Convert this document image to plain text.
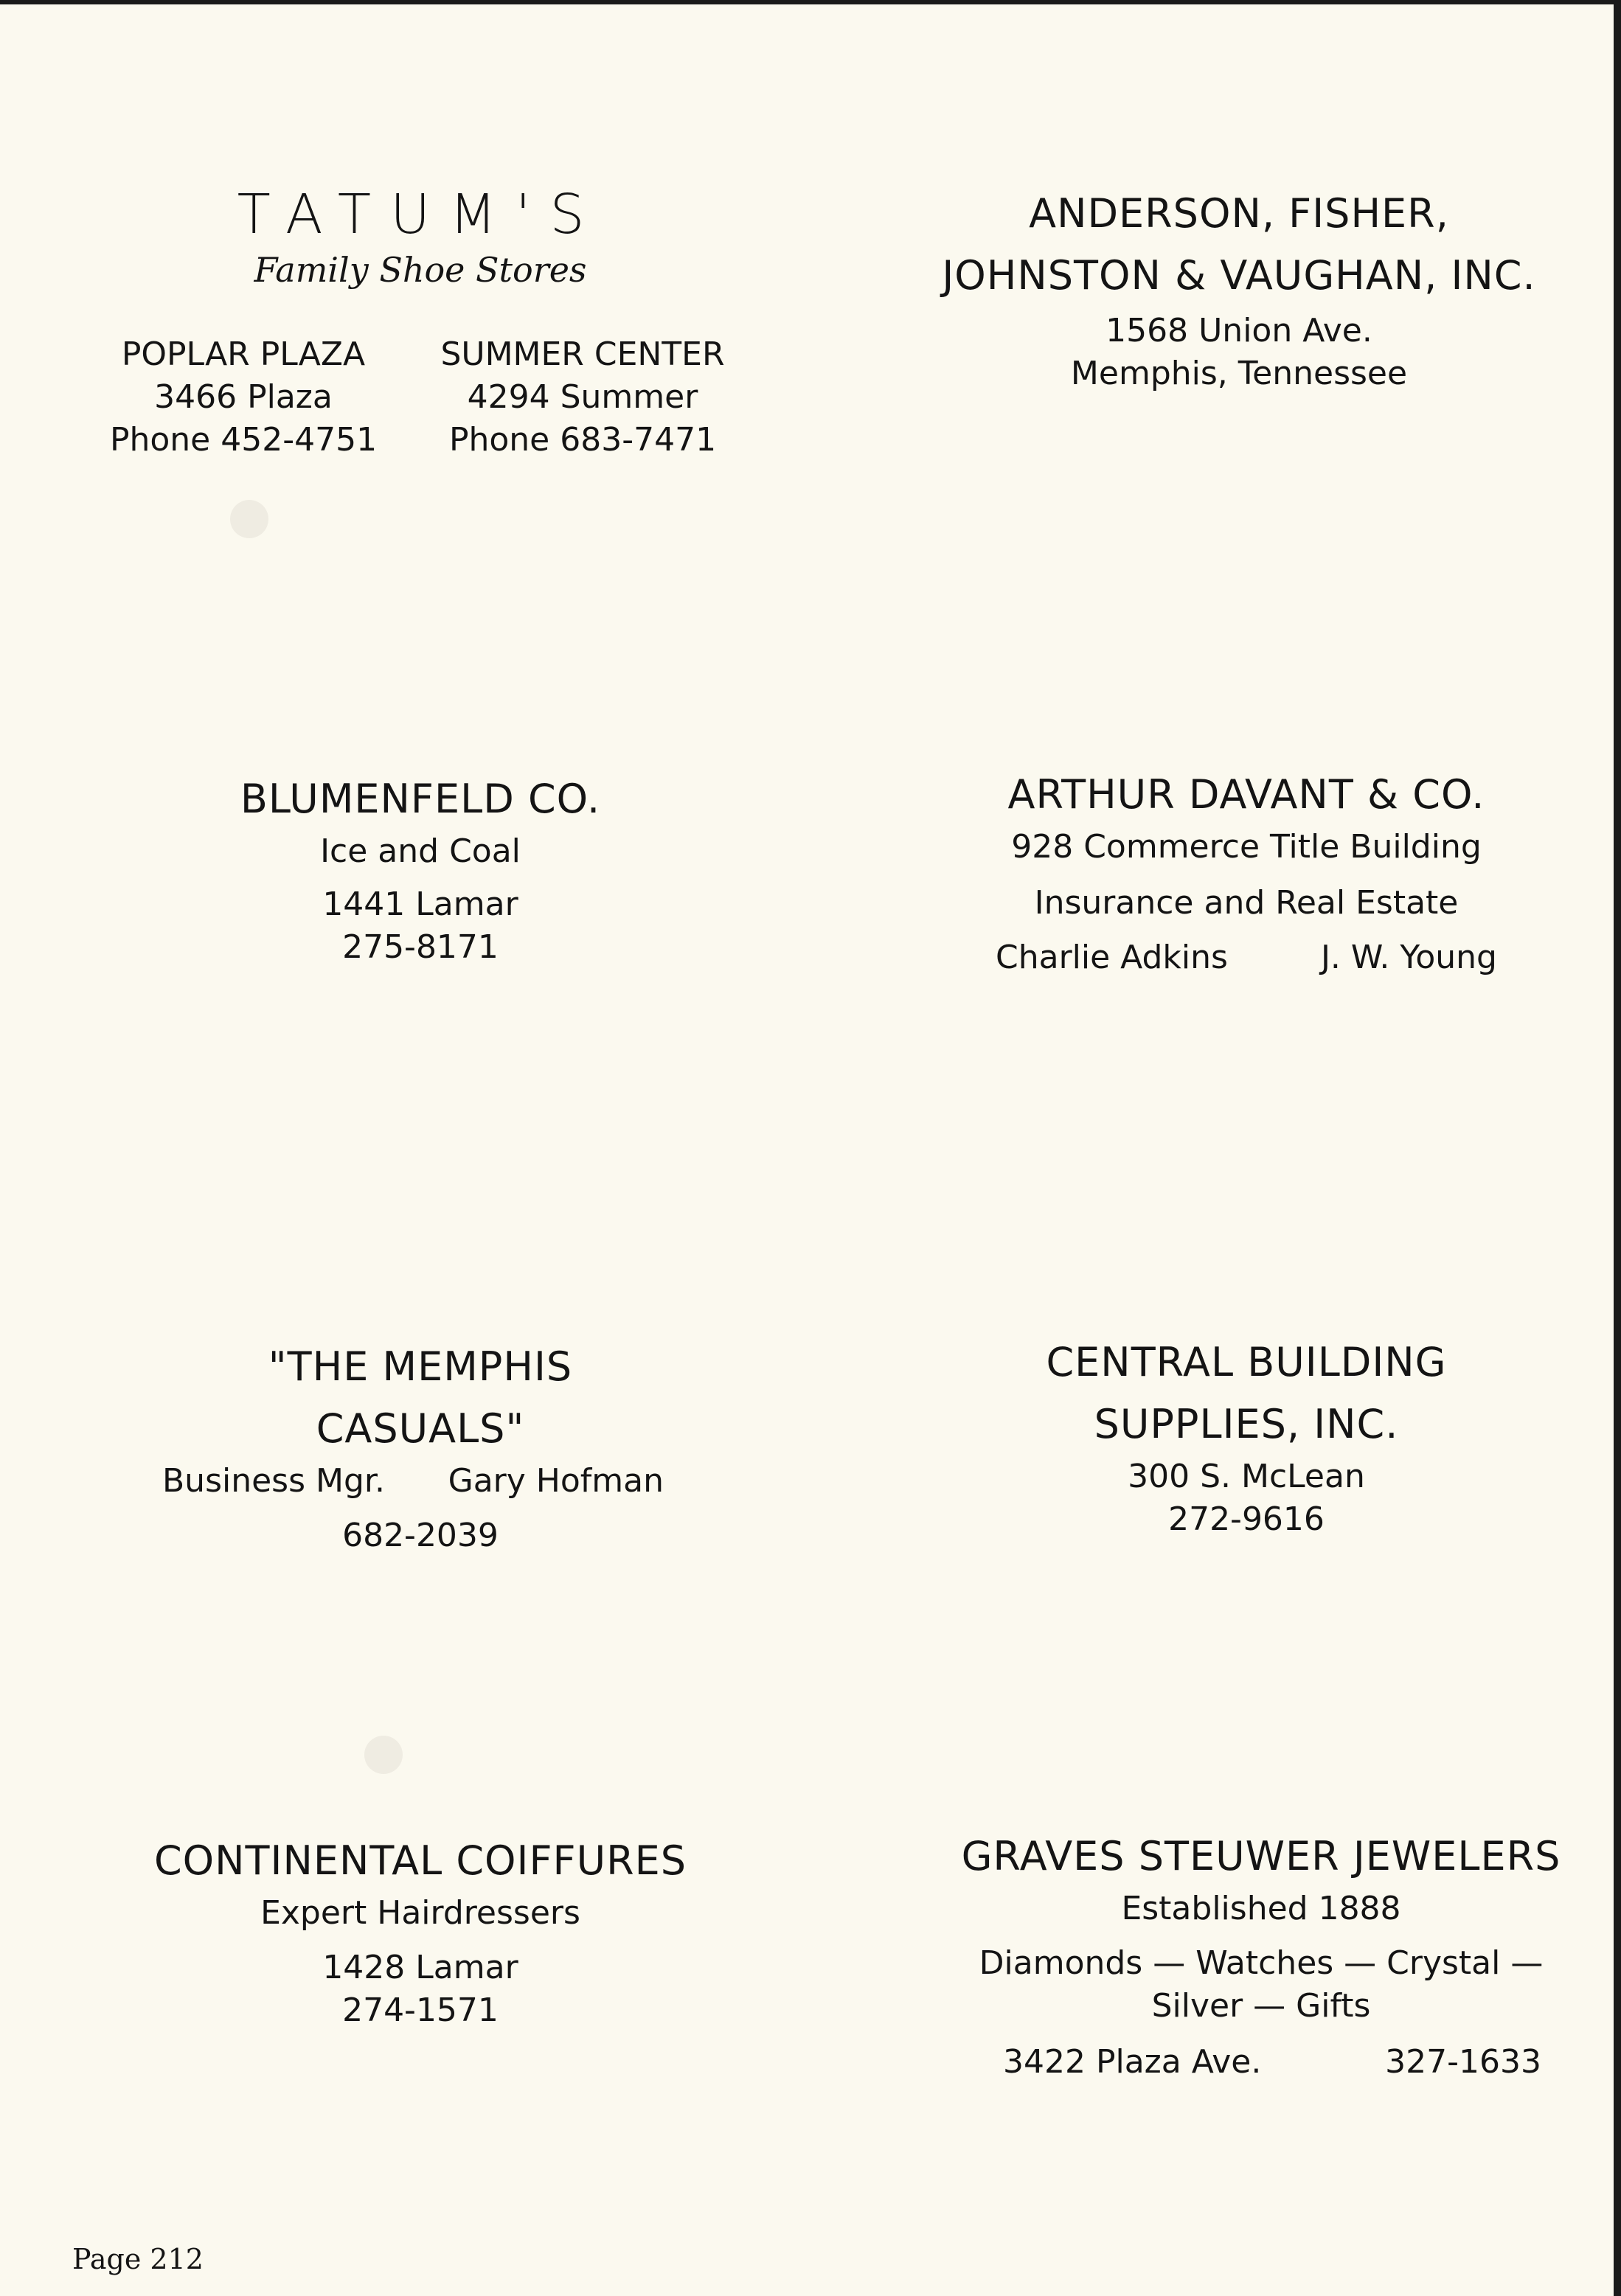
TATUM'S
Family Shoe Stores
POPLAR PLAZA
3466 Plaza
Phone 452-4751
SUMMER CENTER
4294 Summer
Phone 683-7471
ANDERSON, FISHER,
JOHNSTON & VAUGHAN, INC.
1568 Union Ave.
Memphis, Tennessee
BLUMENFELD CO.
Ice and Coal
1441 Lamar
275-8171
ARTHUR DAVANT & CO.
928 Commerce Title Building
Insurance and Real Estate
Charlie Adkins	J. W. Young
"THE MEMPHIS
CASUALS"
Business Mgr. Gary Hofman
682-2039
CENTRAL BUILDING
SUPPLIES, INC.
300 S. McLean
272-9616
CONTINENTAL COIFFURES
Expert Hairdressers
1428 Lamar
274-1571
GRAVES STEUWER JEWELERS
Established 1888
Diamonds — Watches — Crystal —
Silver — Gifts
3422 Plaza Ave.	327-1633
Page 212
